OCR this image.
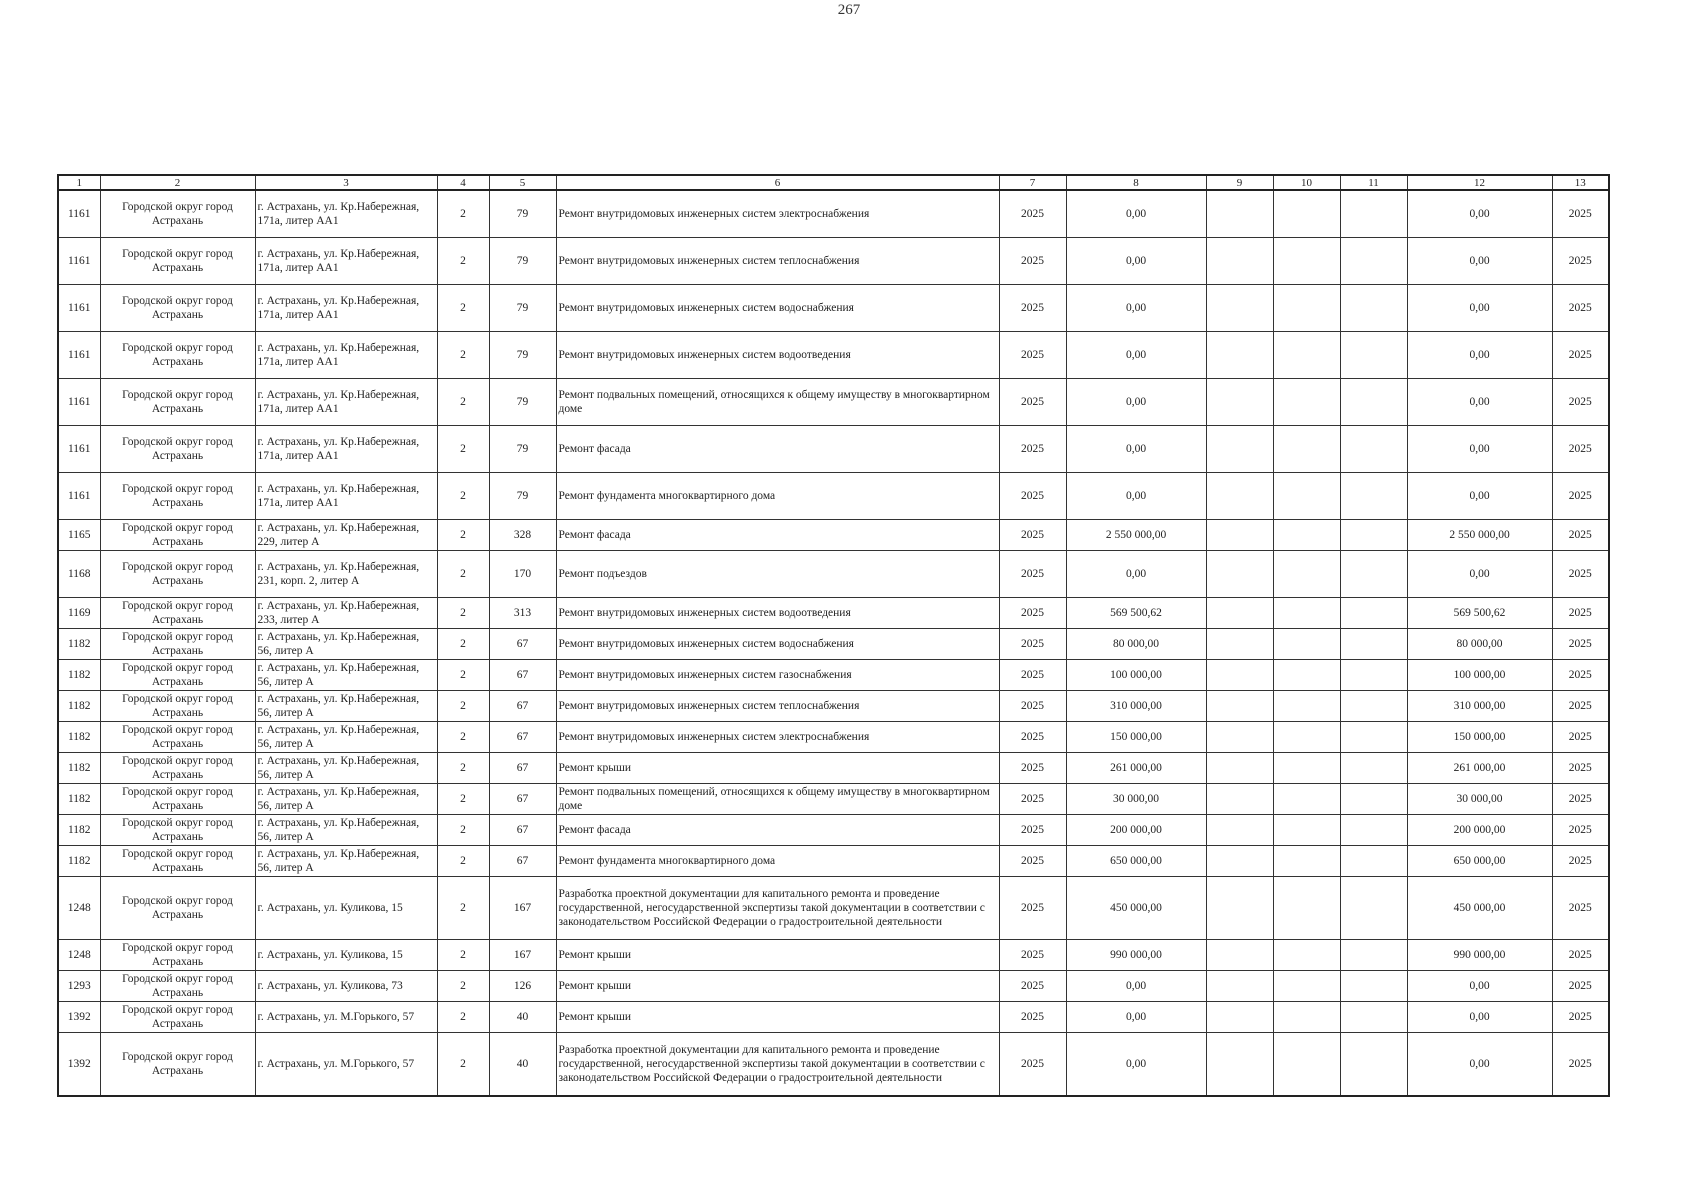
267
1	2	3	4	5	6	7	8	9	10	11	12	13
1161	Городской округ город Астрахань	г. Астрахань, ул. Кр.Набережная, 171а, литер АА1	2	79	Ремонт внутридомовых инженерных систем электроснабжения	2025	0,00				0,00	2025
1161	Городской округ город Астрахань	г. Астрахань, ул. Кр.Набережная, 171а, литер АА1	2	79	Ремонт внутридомовых инженерных систем теплоснабжения	2025	0,00				0,00	2025
1161	Городской округ город Астрахань	г. Астрахань, ул. Кр.Набережная, 171а, литер АА1	2	79	Ремонт внутридомовых инженерных систем водоснабжения	2025	0,00				0,00	2025
1161	Городской округ город Астрахань	г. Астрахань, ул. Кр.Набережная, 171а, литер АА1	2	79	Ремонт внутридомовых инженерных систем водоотведения	2025	0,00				0,00	2025
1161	Городской округ город Астрахань	г. Астрахань, ул. Кр.Набережная, 171а, литер АА1	2	79	Ремонт подвальных помещений, относящихся к общему имуществу в многоквартирном доме	2025	0,00				0,00	2025
1161	Городской округ город Астрахань	г. Астрахань, ул. Кр.Набережная, 171а, литер АА1	2	79	Ремонт фасада	2025	0,00				0,00	2025
1161	Городской округ город Астрахань	г. Астрахань, ул. Кр.Набережная, 171а, литер АА1	2	79	Ремонт фундамента многоквартирного дома	2025	0,00				0,00	2025
1165	Городской округ город Астрахань	г. Астрахань, ул. Кр.Набережная, 229, литер А	2	328	Ремонт фасада	2025	2 550 000,00				2 550 000,00	2025
1168	Городской округ город Астрахань	г. Астрахань, ул. Кр.Набережная, 231, корп. 2, литер А	2	170	Ремонт подъездов	2025	0,00				0,00	2025
1169	Городской округ город Астрахань	г. Астрахань, ул. Кр.Набережная, 233, литер А	2	313	Ремонт внутридомовых инженерных систем водоотведения	2025	569 500,62				569 500,62	2025
1182	Городской округ город Астрахань	г. Астрахань, ул. Кр.Набережная, 56, литер А	2	67	Ремонт внутридомовых инженерных систем водоснабжения	2025	80 000,00				80 000,00	2025
1182	Городской округ город Астрахань	г. Астрахань, ул. Кр.Набережная, 56, литер А	2	67	Ремонт внутридомовых инженерных систем газоснабжения	2025	100 000,00				100 000,00	2025
1182	Городской округ город Астрахань	г. Астрахань, ул. Кр.Набережная, 56, литер А	2	67	Ремонт внутридомовых инженерных систем теплоснабжения	2025	310 000,00				310 000,00	2025
1182	Городской округ город Астрахань	г. Астрахань, ул. Кр.Набережная, 56, литер А	2	67	Ремонт внутридомовых инженерных систем электроснабжения	2025	150 000,00				150 000,00	2025
1182	Городской округ город Астрахань	г. Астрахань, ул. Кр.Набережная, 56, литер А	2	67	Ремонт крыши	2025	261 000,00				261 000,00	2025
1182	Городской округ город Астрахань	г. Астрахань, ул. Кр.Набережная, 56, литер А	2	67	Ремонт подвальных помещений, относящихся к общему имуществу в многоквартирном доме	2025	30 000,00				30 000,00	2025
1182	Городской округ город Астрахань	г. Астрахань, ул. Кр.Набережная, 56, литер А	2	67	Ремонт фасада	2025	200 000,00				200 000,00	2025
1182	Городской округ город Астрахань	г. Астрахань, ул. Кр.Набережная, 56, литер А	2	67	Ремонт фундамента многоквартирного дома	2025	650 000,00				650 000,00	2025
1248	Городской округ город Астрахань	г. Астрахань, ул. Куликова, 15	2	167	Разработка проектной документации для капитального ремонта и проведение государственной, негосударственной экспертизы такой документации в соответствии с законодательством Российской Федерации о градостроительной деятельности	2025	450 000,00				450 000,00	2025
1248	Городской округ город Астрахань	г. Астрахань, ул. Куликова, 15	2	167	Ремонт крыши	2025	990 000,00				990 000,00	2025
1293	Городской округ город Астрахань	г. Астрахань, ул. Куликова, 73	2	126	Ремонт крыши	2025	0,00				0,00	2025
1392	Городской округ город Астрахань	г. Астрахань, ул. М.Горького, 57	2	40	Ремонт крыши	2025	0,00				0,00	2025
1392	Городской округ город Астрахань	г. Астрахань, ул. М.Горького, 57	2	40	Разработка проектной документации для капитального ремонта и проведение государственной, негосударственной экспертизы такой документации в соответствии с законодательством Российской Федерации о градостроительной деятельности	2025	0,00				0,00	2025
